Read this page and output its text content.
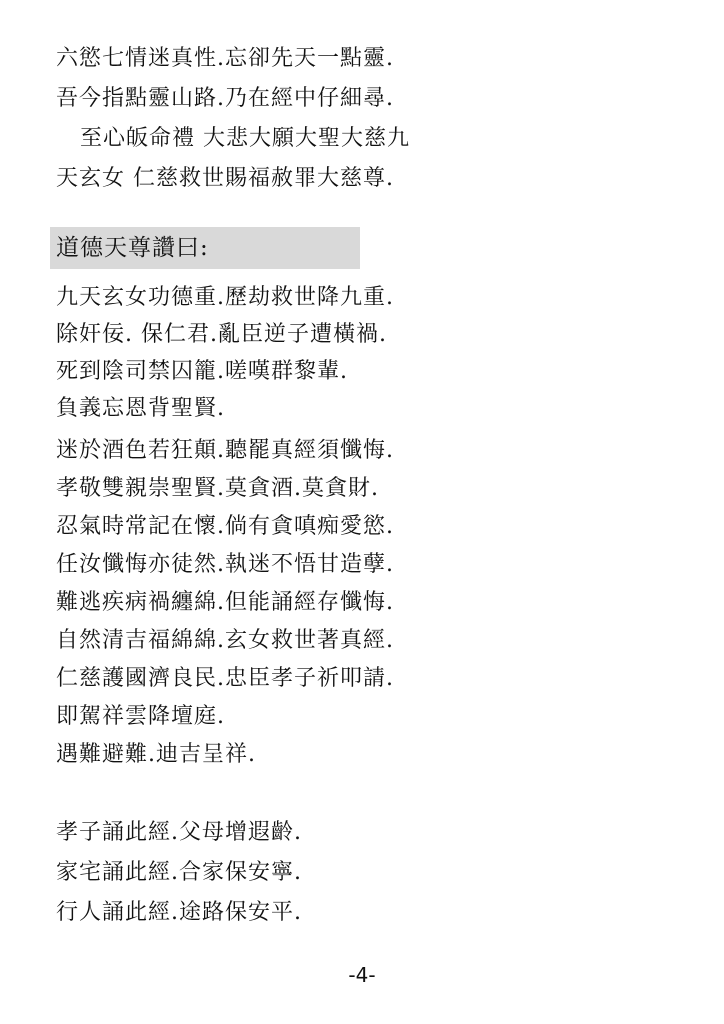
六慾七情迷真性.忘卻先天一點靈.
吾今指點靈山路.乃在經中仔細尋.
至心皈命禮 大悲大願大聖大慈九
天玄女 仁慈救世賜福赦罪大慈尊.
道德天尊讚曰:
九天玄女功德重.歷劫救世降九重.
除奸佞. 保仁君.亂臣逆子遭橫禍.
死到陰司禁囚籠.嗟嘆群黎輩.
負義忘恩背聖賢.
迷於酒色若狂顛.聽罷真經須懺悔.
孝敬雙親崇聖賢.莫貪酒.莫貪財.
忍氣時常記在懷.倘有貪嗔痴愛慾.
任汝懺悔亦徒然.執迷不悟甘造孽.
難逃疾病禍纏綿.但能誦經存懺悔.
自然清吉福綿綿.玄女救世著真經.
仁慈護國濟良民.忠臣孝子祈叩請.
即駕祥雲降壇庭.
遇難避難.迪吉呈祥.
孝子誦此經.父母增遐齡.
家宅誦此經.合家保安寧.
行人誦此經.途路保安平.
-4-
